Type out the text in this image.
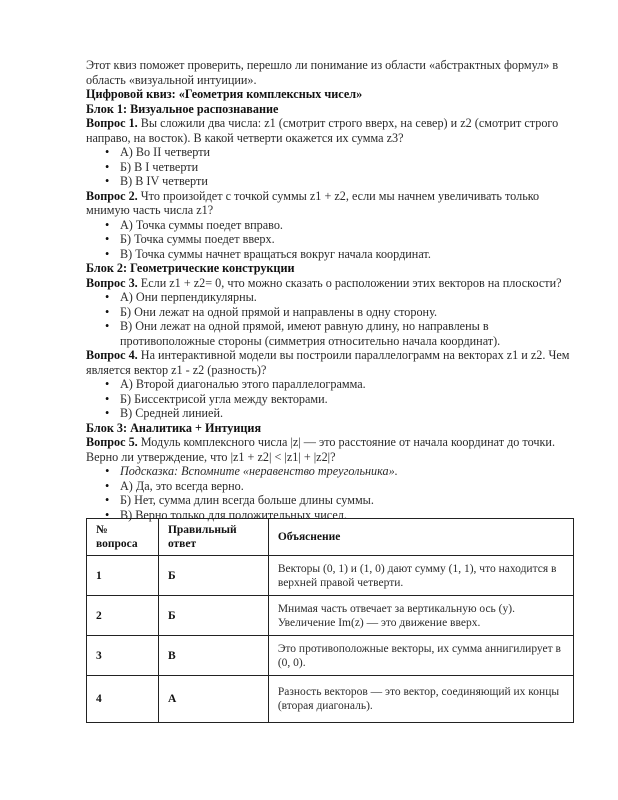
Этот квиз поможет проверить, перешло ли понимание из области «абстрактных формул» в область «визуальной интуиции».

Цифровой квиз: «Геометрия комплексных чисел»

Блок 1: Визуальное распознавание

Вопрос 1. Вы сложили два числа: z1 (смотрит строго вверх, на север) и z2 (смотрит строго направо, на восток). В какой четверти окажется их сумма z3?

• А) Во II четверти
• Б) В I четверти
• В) В IV четверти

Вопрос 2. Что произойдет с точкой суммы z1 + z2, если мы начнем увеличивать только мнимую часть числа z1?

• А) Точка суммы поедет вправо.
• Б) Точка суммы поедет вверх.
• В) Точка суммы начнет вращаться вокруг начала координат.

Блок 2: Геометрические конструкции

Вопрос 3. Если z1 + z2= 0, что можно сказать о расположении этих векторов на плоскости?

• А) Они перпендикулярны.
• Б) Они лежат на одной прямой и направлены в одну сторону.
• В) Они лежат на одной прямой, имеют равную длину, но направлены в противоположные стороны (симметрия относительно начала координат).

Вопрос 4. На интерактивной модели вы построили параллелограмм на векторах z1 и z2. Чем является вектор z1 - z2 (разность)?

• А) Второй диагональю этого параллелограмма.
• Б) Биссектрисой угла между векторами.
• В) Средней линией.

Блок 3: Аналитика + Интуиция

Вопрос 5. Модуль комплексного числа |z| — это расстояние от начала координат до точки. Верно ли утверждение, что |z1 + z2| < |z1| + |z2|?

• Подсказка: Вспомните «неравенство треугольника».
• А) Да, это всегда верно.
• Б) Нет, сумма длин всегда больше длины суммы.
• В) Верно только для положительных чисел.
№ вопроса	Правильный ответ	Объяснение
1	Б	Векторы (0, 1) и (1, 0) дают сумму (1, 1), что находится в верхней правой четверти.
2	Б	Мнимая часть отвечает за вертикальную ось (y). Увеличение Im(z) — это движение вверх.
3	В	Это противоположные векторы, их сумма аннигилирует в (0, 0).
4	А	Разность векторов — это вектор, соединяющий их концы (вторая диагональ).
